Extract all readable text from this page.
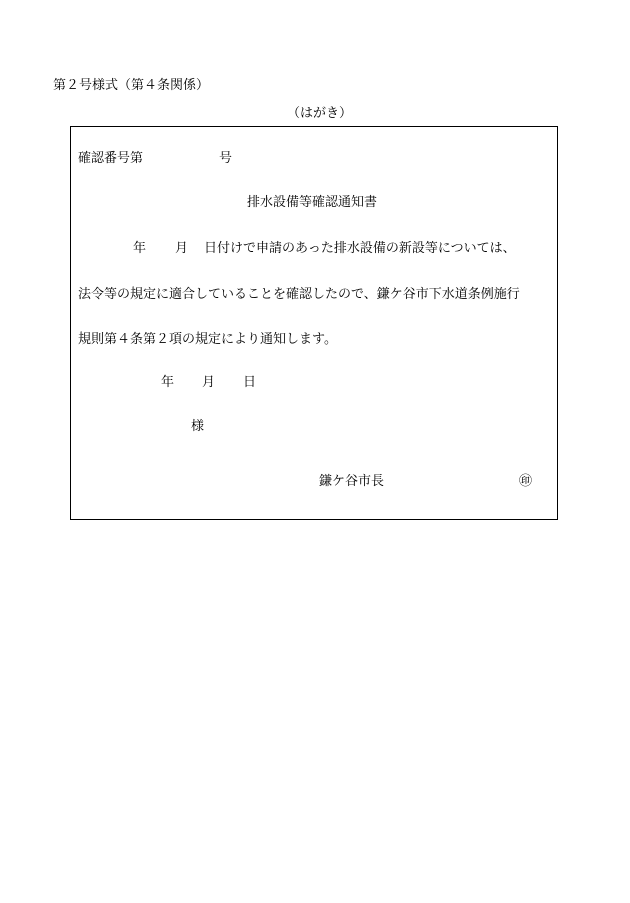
第２号様式（第４条関係）
（はがき）
確認番号第	号
排水設備等確認通知書
年 月 日付けで申請のあった排水設備の新設等については、
法令等の規定に適合していることを確認したので、鎌ケ谷市下水道条例施行
規則第４条第２項の規定により通知します。
年 月 日
様
鎌ケ谷市長	㊞
